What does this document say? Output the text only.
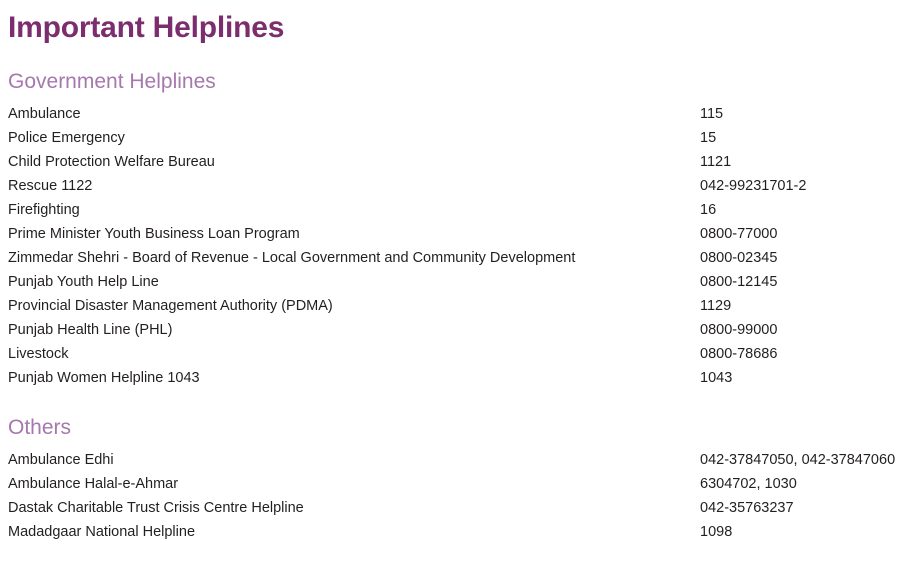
Important Helplines
Government Helplines
Ambulance	115
Police Emergency	15
Child Protection Welfare Bureau	1121
Rescue 1122	042-99231701-2
Firefighting	16
Prime Minister Youth Business Loan Program	0800-77000
Zimmedar Shehri - Board of Revenue - Local Government and Community Development	0800-02345
Punjab Youth Help Line	0800-12145
Provincial Disaster Management Authority (PDMA)	1129
Punjab Health Line (PHL)	0800-99000
Livestock	0800-78686
Punjab Women Helpline 1043	1043
Others
Ambulance Edhi	042-37847050, 042-37847060
Ambulance Halal-e-Ahmar	6304702, 1030
Dastak Charitable Trust Crisis Centre Helpline	042-35763237
Madadgaar National Helpline	1098
